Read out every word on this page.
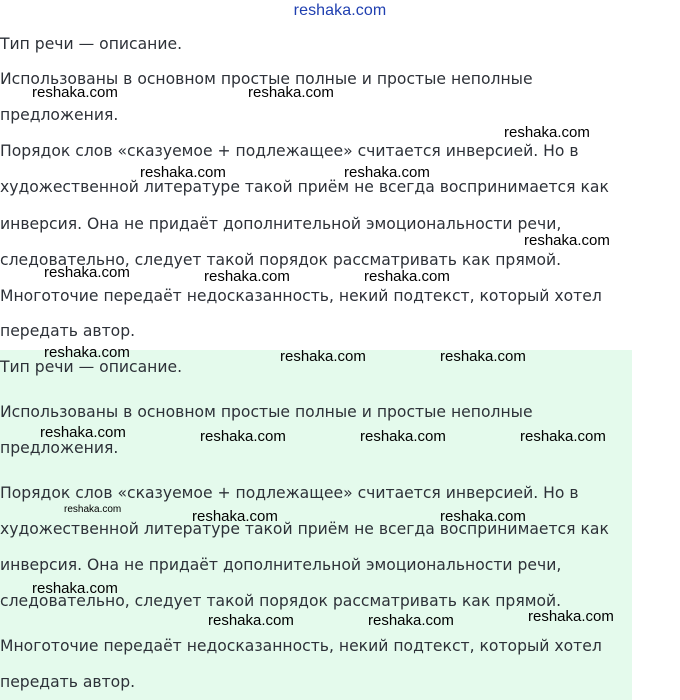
reshaka.com
Тип речи — описание.
Использованы в основном простые полные и простые неполные
предложения.
Порядок слов «сказуемое + подлежащее» считается инверсией. Но в
художественной литературе такой приём не всегда воспринимается как
инверсия. Она не придаёт дополнительной эмоциональности речи,
следовательно, следует такой порядок рассматривать как прямой.
Многоточие передаёт недосказанность, некий подтекст, который хотел
передать автор.
Тип речи — описание.
Использованы в основном простые полные и простые неполные
предложения.
Порядок слов «сказуемое + подлежащее» считается инверсией. Но в
художественной литературе такой приём не всегда воспринимается как
инверсия. Она не придаёт дополнительной эмоциональности речи,
следовательно, следует такой порядок рассматривать как прямой.
Многоточие передаёт недосказанность, некий подтекст, который хотел
передать автор.
reshaka.com	reshaka.com
reshaka.com
reshaka.com	reshaka.com
reshaka.com
reshaka.com	reshaka.com	reshaka.com
reshaka.com	reshaka.com	reshaka.com
reshaka.com	reshaka.com	reshaka.com	reshaka.com
reshaka.com	reshaka.com	reshaka.com
reshaka.com
reshaka.com
reshaka.com	reshaka.com
